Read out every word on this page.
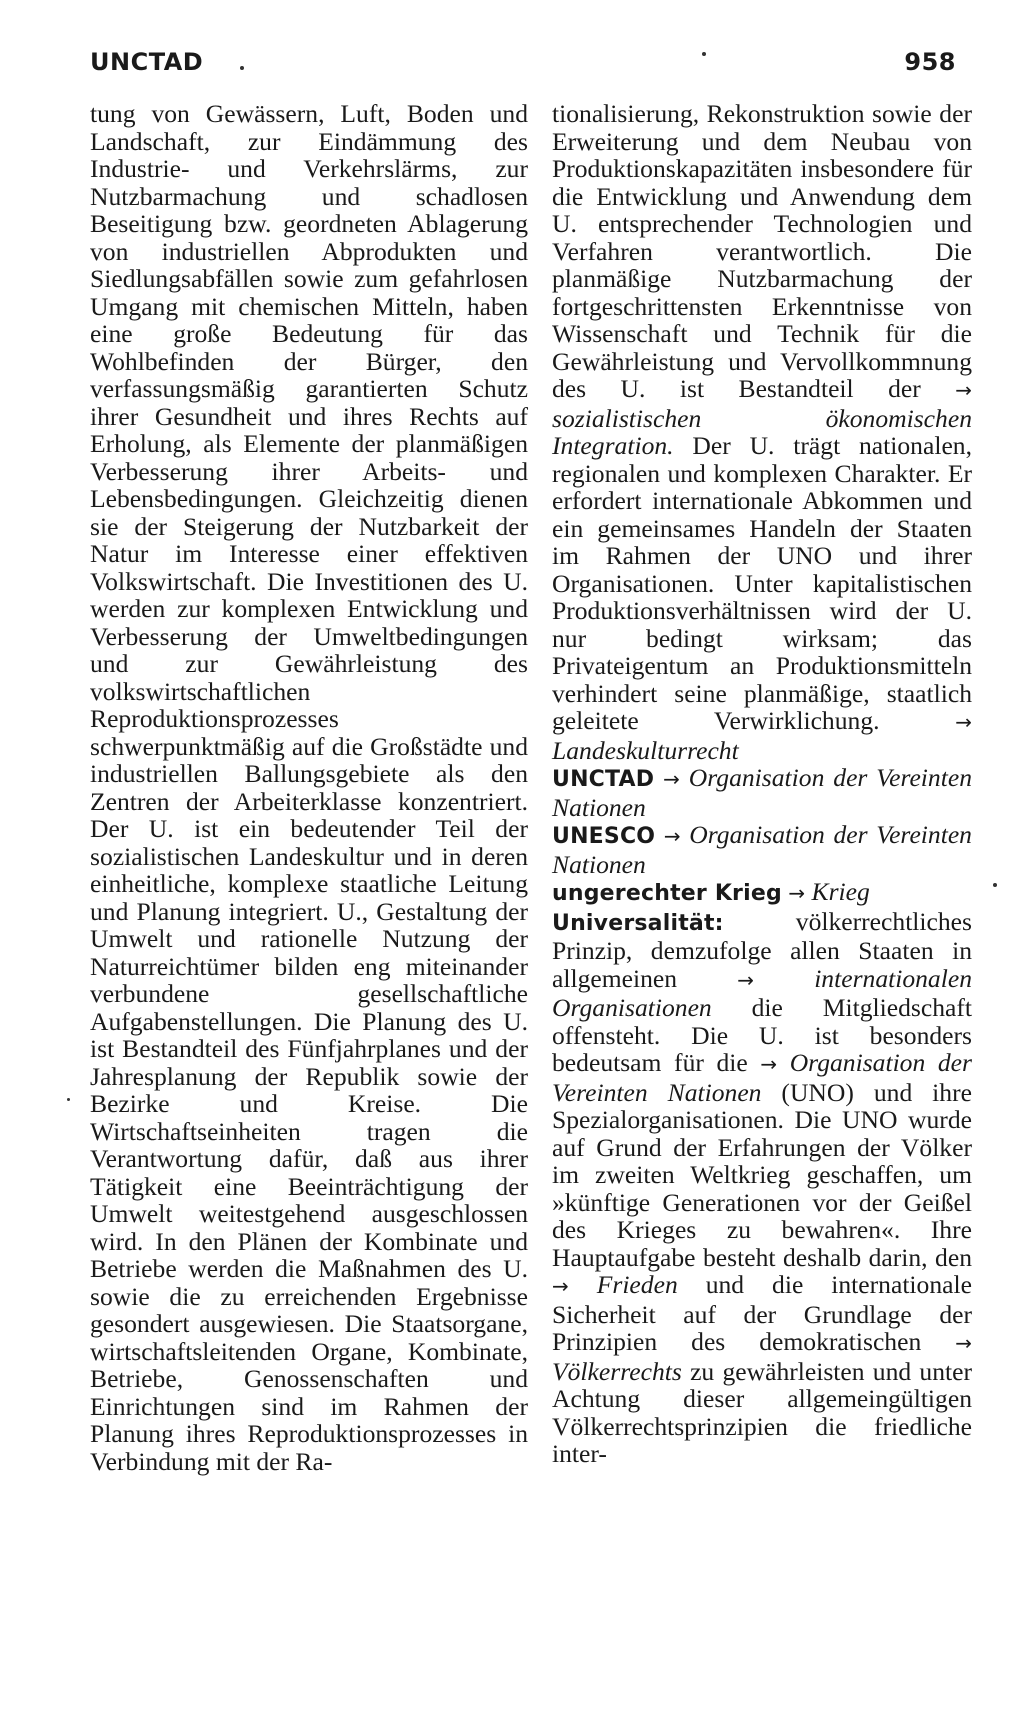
UNCTAD	958

tung von Gewässern, Luft, Boden und Landschaft, zur Eindämmung des Industrie- und Verkehrslärms, zur Nutzbarmachung und schadlosen Beseitigung bzw. geordneten Ablagerung von industriellen Abprodukten und Siedlungsabfällen sowie zum gefahrlosen Umgang mit chemischen Mitteln, haben eine große Bedeutung für das Wohlbefinden der Bürger, den verfassungsmäßig garantierten Schutz ihrer Gesundheit und ihres Rechts auf Erholung, als Elemente der planmäßigen Verbesserung ihrer Arbeits- und Lebensbedingungen. Gleichzeitig dienen sie der Steigerung der Nutzbarkeit der Natur im Interesse einer effektiven Volkswirtschaft. Die Investitionen des U. werden zur komplexen Entwicklung und Verbesserung der Umweltbedingungen und zur Gewährleistung des volkswirtschaftlichen Reproduktionsprozesses schwerpunktmäßig auf die Großstädte und industriellen Ballungsgebiete als den Zentren der Arbeiterklasse konzentriert. Der U. ist ein bedeutender Teil der sozialistischen Landeskultur und in deren einheitliche, komplexe staatliche Leitung und Planung integriert. U., Gestaltung der Umwelt und rationelle Nutzung der Naturreichtümer bilden eng miteinander verbundene gesellschaftliche Aufgabenstellungen. Die Planung des U. ist Bestandteil des Fünfjahrplanes und der Jahresplanung der Republik sowie der Bezirke und Kreise. Die Wirtschaftseinheiten tragen die Verantwortung dafür, daß aus ihrer Tätigkeit eine Beeinträchtigung der Umwelt weitestgehend ausgeschlossen wird. In den Plänen der Kombinate und Betriebe werden die Maßnahmen des U. sowie die zu erreichenden Ergebnisse gesondert ausgewiesen. Die Staatsorgane, wirtschaftsleitenden Organe, Kombinate, Betriebe, Genossenschaften und Einrichtungen sind im Rahmen der Planung ihres Reproduktionsprozesses in Verbindung mit der Ra-

tionalisierung, Rekonstruktion sowie der Erweiterung und dem Neubau von Produktionskapazitäten insbesondere für die Entwicklung und Anwendung dem U. entsprechender Technologien und Verfahren verantwortlich. Die planmäßige Nutzbarmachung der fortgeschrittensten Erkenntnisse von Wissenschaft und Technik für die Gewährleistung und Vervollkommnung des U. ist Bestandteil der → sozialistischen ökonomischen Integration. Der U. trägt nationalen, regionalen und komplexen Charakter. Er erfordert internationale Abkommen und ein gemeinsames Handeln der Staaten im Rahmen der UNO und ihrer Organisationen. Unter kapitalistischen Produktionsverhältnissen wird der U. nur bedingt wirksam; das Privateigentum an Produktionsmitteln verhindert seine planmäßige, staatlich geleitete Verwirklichung.	→ Landeskulturrecht

UNCTAD → Organisation der Vereinten Nationen

UNESCO → Organisation der Vereinten Nationen

ungerechter Krieg → Krieg

Universalität:	völkerrechtliches Prinzip, demzufolge allen Staaten in allgemeinen	→ internationalen Organisationen die Mitgliedschaft offensteht. Die U. ist besonders bedeutsam für die → Organisation der Vereinten Nationen (UNO) und ihre Spezialorganisationen. Die UNO wurde auf Grund der Erfahrungen der Völker im zweiten Weltkrieg geschaffen, um »künftige Generationen vor der Geißel des Krieges zu bewahren«. Ihre Hauptaufgabe besteht deshalb darin, den → Frieden und die internationale Sicherheit auf der Grundlage der Prinzipien des demokratischen → Völkerrechts zu gewährleisten und unter Achtung dieser allgemeingültigen Völkerrechtsprinzipien die friedliche inter-
